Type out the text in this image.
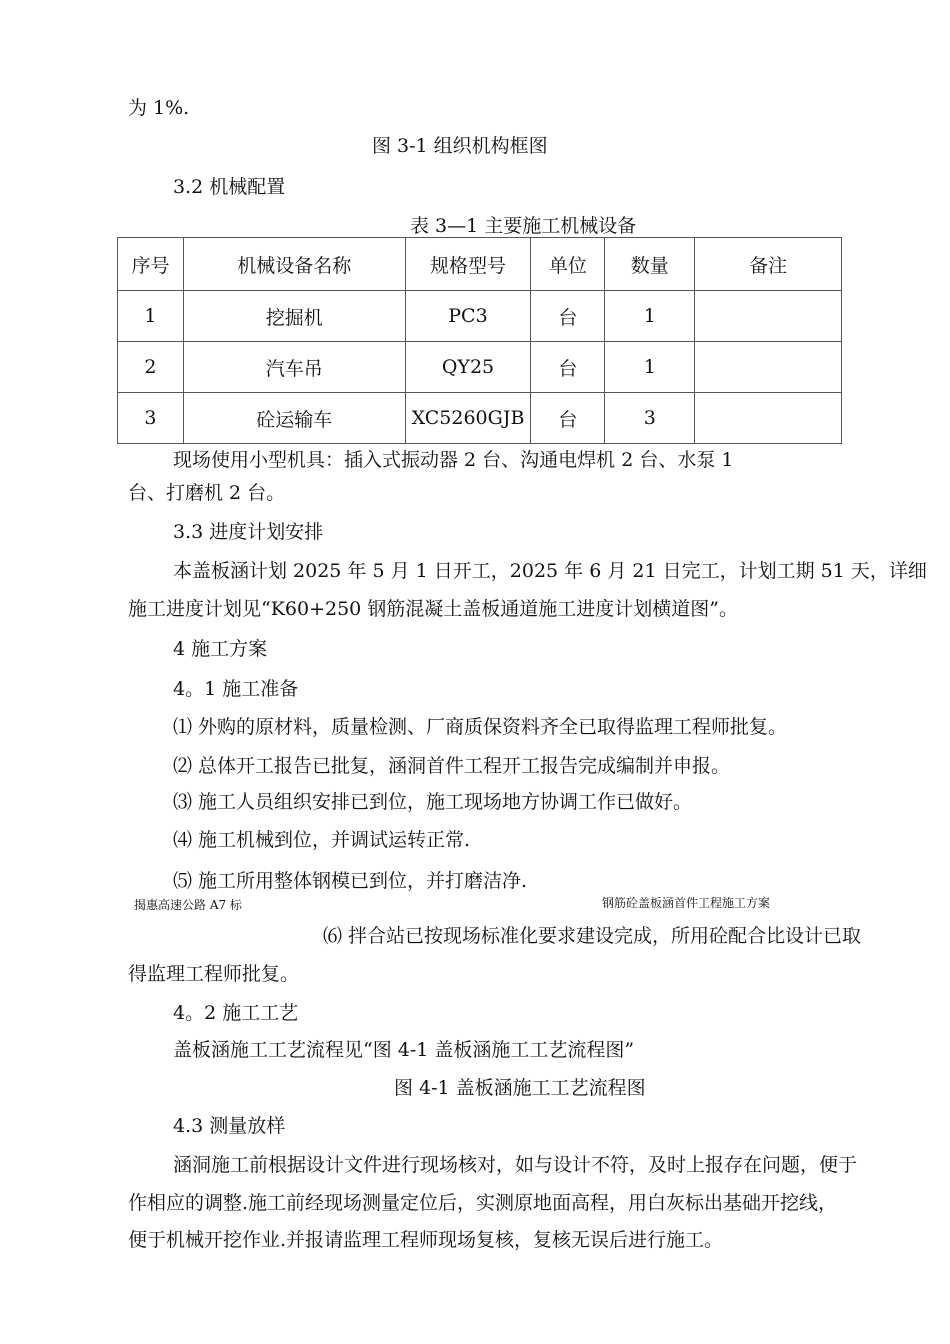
为 1%.
图 3-1 组织机构框图
3.2 机械配置
表 3—1 主要施工机械设备
序号	机械设备名称	规格型号	单位	数量	备注
1	挖掘机	PC3	台	1	
2	汽车吊	QY25	台	1	
3	砼运输车	XC5260GJB	台	3	
现场使用小型机具：插入式振动器 2 台、沟通电焊机 2 台、水泵 1
台、打磨机 2 台。
3.3 进度计划安排
本盖板涵计划 2025 年 5 月 1 日开工，2025 年 6 月 21 日完工，计划工期 51 天，详细
施工进度计划见“K60+250 钢筋混凝土盖板通道施工进度计划横道图”。
4 施工方案
4。1 施工准备
⑴ 外购的原材料，质量检测、厂商质保资料齐全已取得监理工程师批复。
⑵ 总体开工报告已批复，涵洞首件工程开工报告完成编制并申报。
⑶ 施工人员组织安排已到位，施工现场地方协调工作已做好。
⑷ 施工机械到位，并调试运转正常.
⑸ 施工所用整体钢模已到位，并打磨洁净.
揭惠高速公路 A7 标	钢筋砼盖板涵首件工程施工方案
⑹ 拌合站已按现场标准化要求建设完成，所用砼配合比设计已取
得监理工程师批复。
4。2 施工工艺
盖板涵施工工艺流程见“图 4-1 盖板涵施工工艺流程图”
图 4-1 盖板涵施工工艺流程图
4.3 测量放样
涵洞施工前根据设计文件进行现场核对，如与设计不符，及时上报存在问题，便于
作相应的调整.施工前经现场测量定位后，实测原地面高程，用白灰标出基础开挖线，
便于机械开挖作业.并报请监理工程师现场复核，复核无误后进行施工。
